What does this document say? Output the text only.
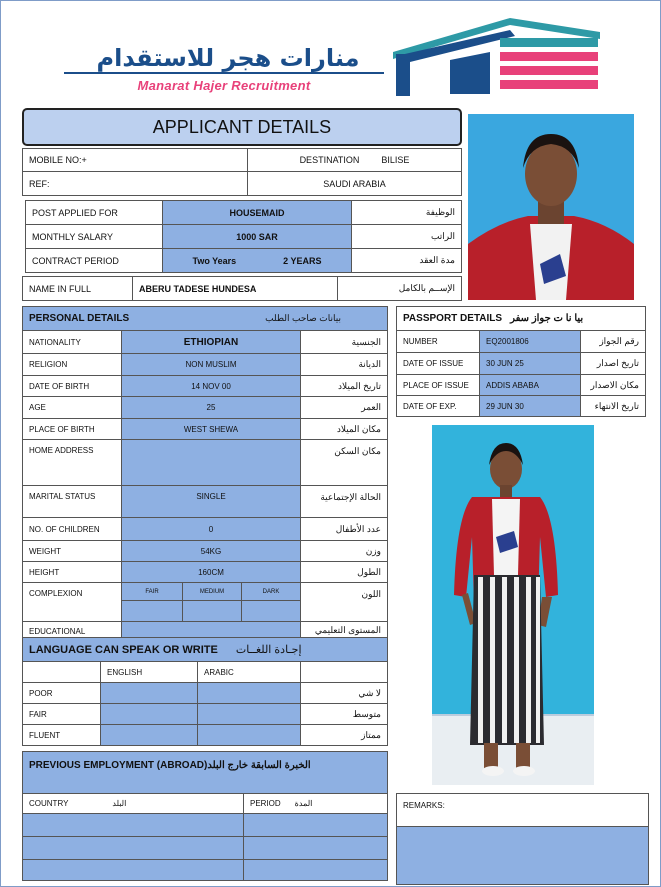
منارات هجر للاستقدام
Manarat Hajer Recruitment
APPLICANT DETAILS
MOBILE NO:+	DESTINATION BILISE
REF:	SAUDI ARABIA
POST APPLIED FOR	HOUSEMAID	الوظيفة
MONTHLY SALARY	1000 SAR	الراتب
CONTRACT PERIOD	Two Years	2 YEARS	مدة العقد
NAME IN FULL	ABERU TADESE HUNDESA	الإســم بالكامل
PERSONAL DETAILS	بيانات صاحب الطلب
NATIONALITY	ETHIOPIAN	الجنسية
RELIGION	NON MUSLIM	الديانة
DATE OF BIRTH	14 NOV 00	تاريخ الميلاد
AGE	25	العمر
PLACE OF BIRTH	WEST SHEWA	مكان الميلاد
HOME ADDRESS	مكان السكن
MARITAL STATUS	SINGLE	الحالة الإجتماعية
NO. OF CHILDREN	0	عدد الأطفال
WEIGHT	54KG	وزن
HEIGHT	160CM	الطول
COMPLEXION	FAIR	MEDIUM	DARK	اللون
EDUCATIONAL	المستوى التعليمي
LANGUAGE CAN SPEAK OR WRITE إجـادة اللغــات
ENGLISH	ARABIC
POOR	لا شي
FAIR	متوسط
FLUENT	ممتاز
PREVIOUS EMPLOYMENT (ABROAD) الخبرة السابقة خارج البلد
COUNTRY	البلد	PERIOD المدة
PASSPORT DETAILS بيا نا ت جواز سفر
NUMBER	EQ2001806	رقم الجواز
DATE OF ISSUE	30 JUN 25	تاريخ اصدار
PLACE OF ISSUE	ADDIS ABABA	مكان الاصدار
DATE OF EXP.	29 JUN 30	تاريخ الانتهاء
REMARKS:
